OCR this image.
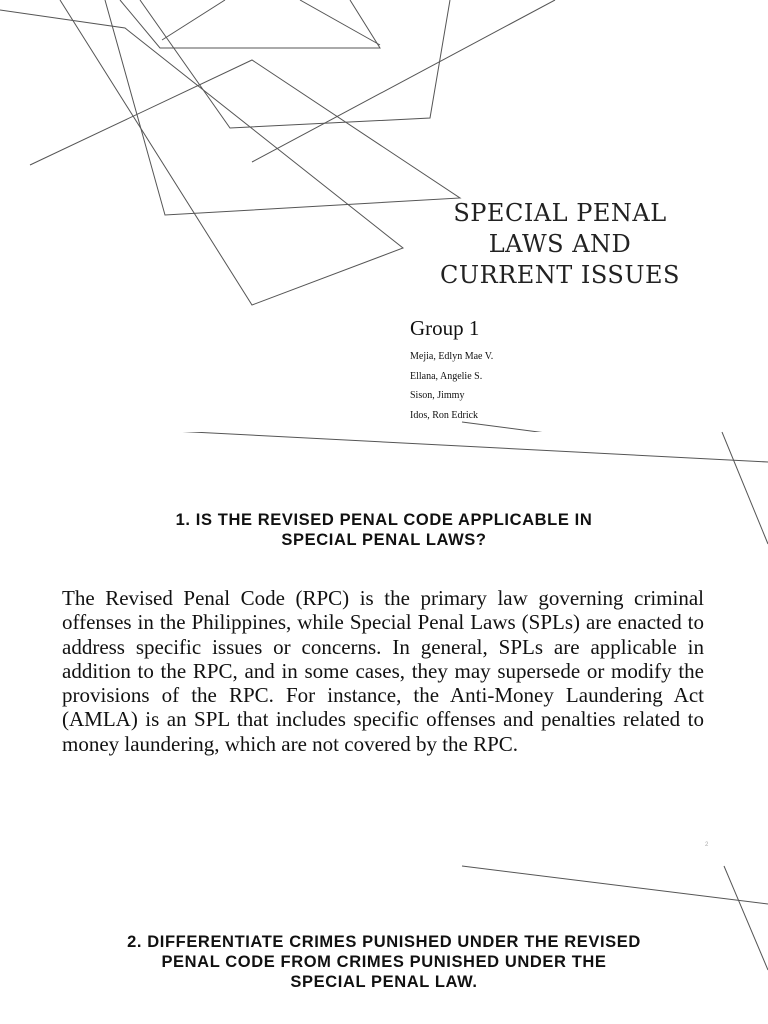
SPECIAL PENAL LAWS AND CURRENT ISSUES
Group 1
Mejia, Edlyn Mae V.
Ellana, Angelie S.
Sison, Jimmy
Idos, Ron Edrick
1. IS THE REVISED PENAL CODE APPLICABLE IN
SPECIAL PENAL LAWS?

The Revised Penal Code (RPC) is the primary law governing criminal offenses in the Philippines, while Special Penal Laws (SPLs) are enacted to address specific issues or concerns. In general, SPLs are applicable in addition to the RPC, and in some cases, they may supersede or modify the provisions of the RPC. For instance, the Anti-Money Laundering Act (AMLA) is an SPL that includes specific offenses and penalties related to money laundering, which are not covered by the RPC.

2
2. DIFFERENTIATE CRIMES PUNISHED UNDER THE REVISED
PENAL CODE FROM CRIMES PUNISHED UNDER THE
SPECIAL PENAL LAW.
